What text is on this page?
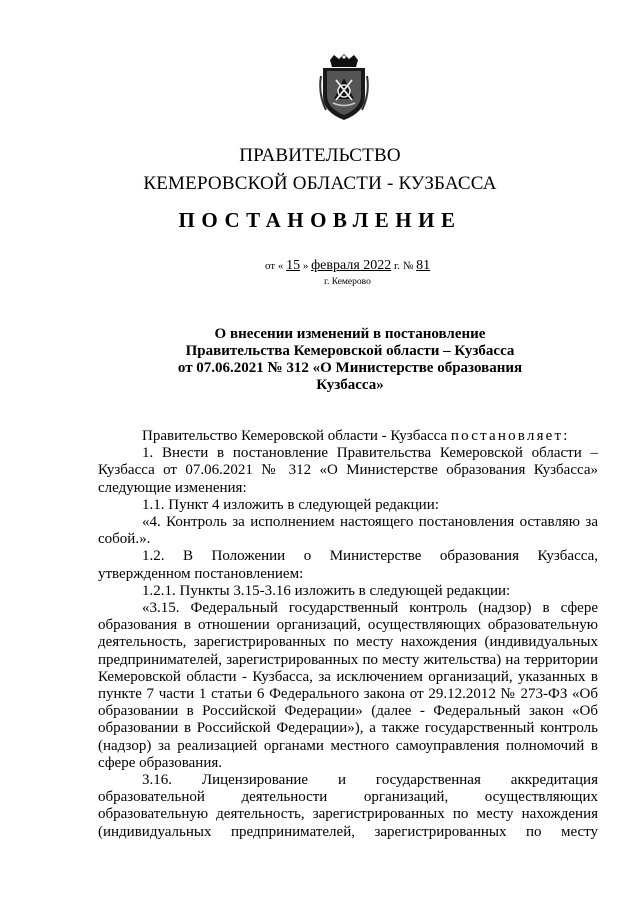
ПРАВИТЕЛЬСТВО
КЕМЕРОВСКОЙ ОБЛАСТИ - КУЗБАССА
ПОСТАНОВЛЕНИЕ
от « 15 » февраля 2022 г. № 81
г. Кемерово
О внесении изменений в постановление
Правительства Кемеровской области – Кузбасса
от 07.06.2021 № 312 «О Министерстве образования
Кузбасса»

Правительство Кемеровской области - Кузбасса постановляет:

1. Внести в постановление Правительства Кемеровской области – Кузбасса от 07.06.2021 № 312 «О Министерстве образования Кузбасса» следующие изменения:

1.1. Пункт 4 изложить в следующей редакции:

«4. Контроль за исполнением настоящего постановления оставляю за собой.».

1.2. В Положении о Министерстве образования Кузбасса, утвержденном постановлением:

1.2.1. Пункты 3.15-3.16 изложить в следующей редакции:

«3.15. Федеральный государственный контроль (надзор) в сфере образования в отношении организаций, осуществляющих образовательную деятельность, зарегистрированных по месту нахождения (индивидуальных предпринимателей, зарегистрированных по месту жительства) на территории Кемеровской области - Кузбасса, за исключением организаций, указанных в пункте 7 части 1 статьи 6 Федерального закона от 29.12.2012 № 273-ФЗ «Об образовании в Российской Федерации» (далее - Федеральный закон «Об образовании в Российской Федерации»), а также государственный контроль (надзор) за реализацией органами местного самоуправления полномочий в сфере образования.

3.16. Лицензирование и государственная аккредитация образовательной деятельности организаций, осуществляющих образовательную деятельность, зарегистрированных по месту нахождения (индивидуальных предпринимателей, зарегистрированных по месту
